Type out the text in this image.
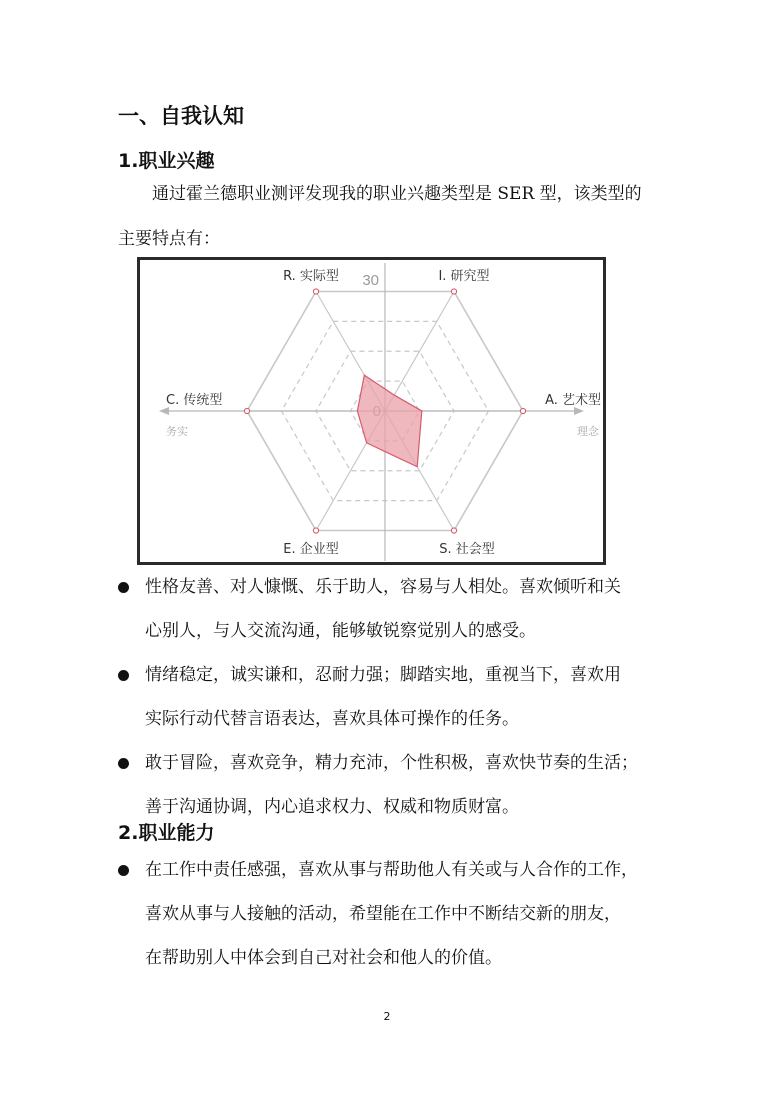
一、自我认知
1.职业兴趣
通过霍兰德职业测评发现我的职业兴趣类型是 SER 型，该类型的
主要特点有：
30
R. 实际型	I. 研究型
A. 艺术型
S. 社会型
E. 企业型
C. 传统型
务实	理念
性格友善、对人慷慨、乐于助人，容易与人相处。喜欢倾听和关
心别人，与人交流沟通，能够敏锐察觉别人的感受。
情绪稳定，诚实谦和，忍耐力强；脚踏实地，重视当下，喜欢用
实际行动代替言语表达，喜欢具体可操作的任务。
敢于冒险，喜欢竞争，精力充沛，个性积极，喜欢快节奏的生活；
善于沟通协调，内心追求权力、权威和物质财富。
2.职业能力
在工作中责任感强，喜欢从事与帮助他人有关或与人合作的工作，
喜欢从事与人接触的活动，希望能在工作中不断结交新的朋友，
在帮助别人中体会到自己对社会和他人的价值。
2
